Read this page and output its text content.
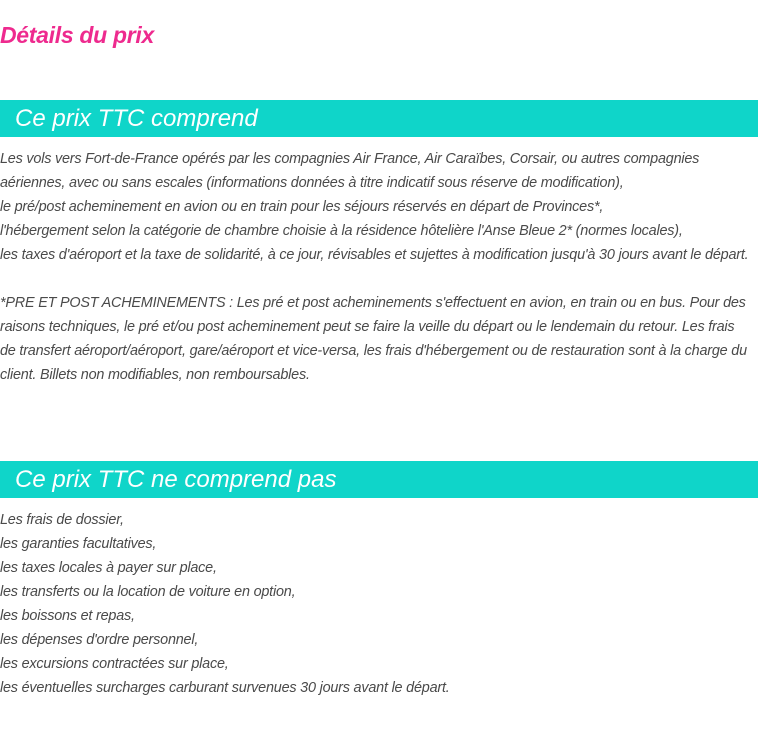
Détails du prix
Ce prix TTC comprend
Les vols vers Fort-de-France opérés par les compagnies Air France, Air Caraïbes, Corsair, ou autres compagnies aériennes, avec ou sans escales (informations données à titre indicatif sous réserve de modification),
le pré/post acheminement en avion ou en train pour les séjours réservés en départ de Provinces*,
l'hébergement selon la catégorie de chambre choisie à la résidence hôtelière l'Anse Bleue 2* (normes locales),
les taxes d'aéroport et la taxe de solidarité, à ce jour, révisables et sujettes à modification jusqu'à 30 jours avant le départ.
*PRE ET POST ACHEMINEMENTS : Les pré et post acheminements s'effectuent en avion, en train ou en bus. Pour des raisons techniques, le pré et/ou post acheminement peut se faire la veille du départ ou le lendemain du retour. Les frais de transfert aéroport/aéroport, gare/aéroport et vice-versa, les frais d'hébergement ou de restauration sont à la charge du client. Billets non modifiables, non remboursables.
Ce prix TTC ne comprend pas
Les frais de dossier,
les garanties facultatives,
les taxes locales à payer sur place,
les transferts ou la location de voiture en option,
les boissons et repas,
les dépenses d'ordre personnel,
les excursions contractées sur place,
les éventuelles surcharges carburant survenues 30 jours avant le départ.
